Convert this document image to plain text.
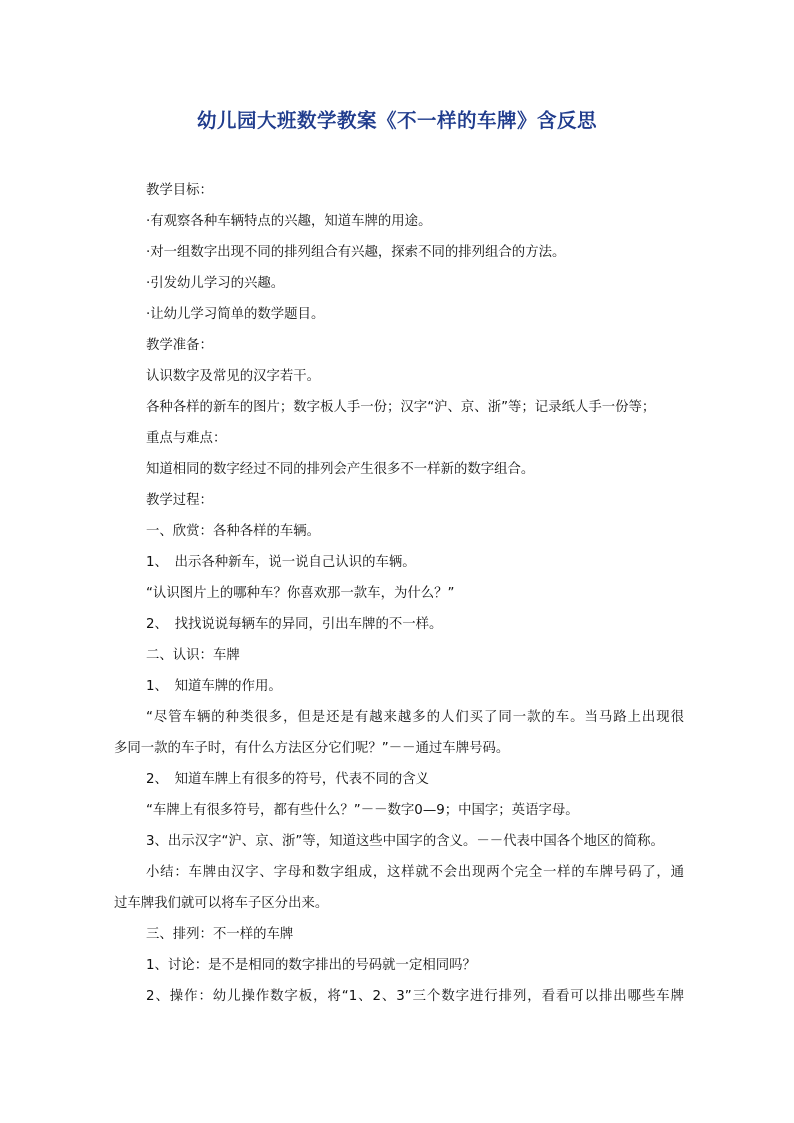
幼儿园大班数学教案《不一样的车牌》含反思
教学目标：
·有观察各种车辆特点的兴趣，知道车牌的用途。
·对一组数字出现不同的排列组合有兴趣，探索不同的排列组合的方法。
·引发幼儿学习的兴趣。
·让幼儿学习简单的数学题目。
教学准备：
认识数字及常见的汉字若干。
各种各样的新车的图片；数字板人手一份；汉字“沪、京、浙”等；记录纸人手一份等；
重点与难点：
知道相同的数字经过不同的排列会产生很多不一样新的数字组合。
教学过程：
一、欣赏：各种各样的车辆。
1、　出示各种新车，说一说自己认识的车辆。
“认识图片上的哪种车？你喜欢那一款车，为什么？”
2、　找找说说每辆车的异同，引出车牌的不一样。
二、认识：车牌
1、　知道车牌的作用。
“尽管车辆的种类很多，但是还是有越来越多的人们买了同一款的车。当马路上出现很
多同一款的车子时，有什么方法区分它们呢？”－－通过车牌号码。
2、　知道车牌上有很多的符号，代表不同的含义
“车牌上有很多符号，都有些什么？”－－数字0—9；中国字；英语字母。
3、出示汉字“沪、京、浙”等，知道这些中国字的含义。－－代表中国各个地区的简称。
小结：车牌由汉字、字母和数字组成，这样就不会出现两个完全一样的车牌号码了，通
过车牌我们就可以将车子区分出来。
三、排列：不一样的车牌
1、讨论：是不是相同的数字排出的号码就一定相同吗？
2、操作：幼儿操作数字板，将“1、2、3”三个数字进行排列，看看可以排出哪些车牌
